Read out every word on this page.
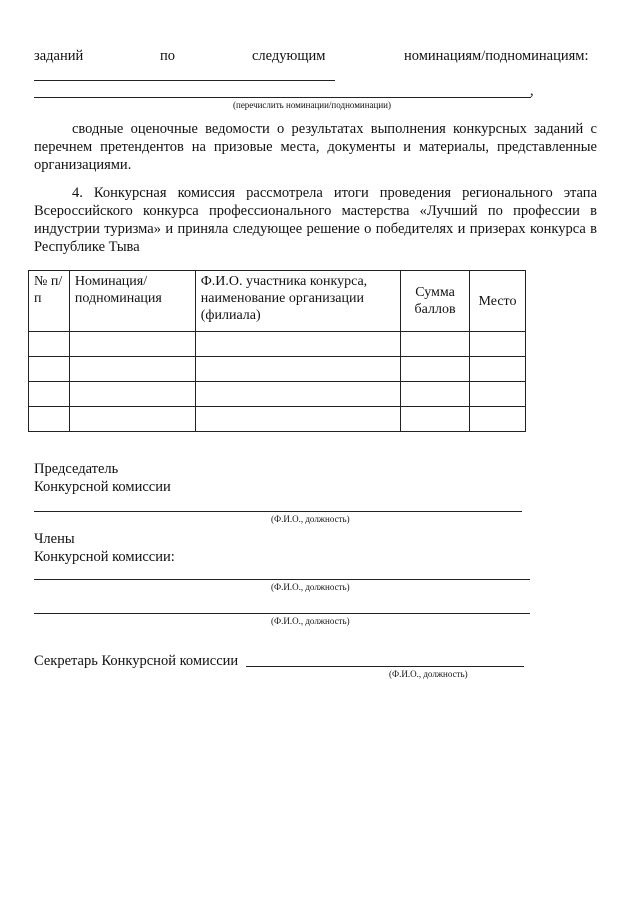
заданий	по	следующим	номинациям/подноминациям:
,
(перечислить номинации/подноминации)
сводные оценочные ведомости о результатах выполнения конкурсных заданий с перечнем претендентов на призовые места, документы и материалы, представленные организациями.
4. Конкурсная комиссия рассмотрела итоги проведения регионального этапа Всероссийского конкурса профессионального мастерства «Лучший по профессии в индустрии туризма» и приняла следующее решение о победителях и призерах конкурса в Республике Тыва
№ п/п	Номинация/ подноминация	Ф.И.О. участника конкурса, наименование организации (филиала)	Сумма баллов	Место

Председатель
Конкурсной комиссии
(Ф.И.О., должность)
Члены
Конкурсной комиссии:
(Ф.И.О., должность)
(Ф.И.О., должность)
Секретарь Конкурсной комиссии
(Ф.И.О., должность)
